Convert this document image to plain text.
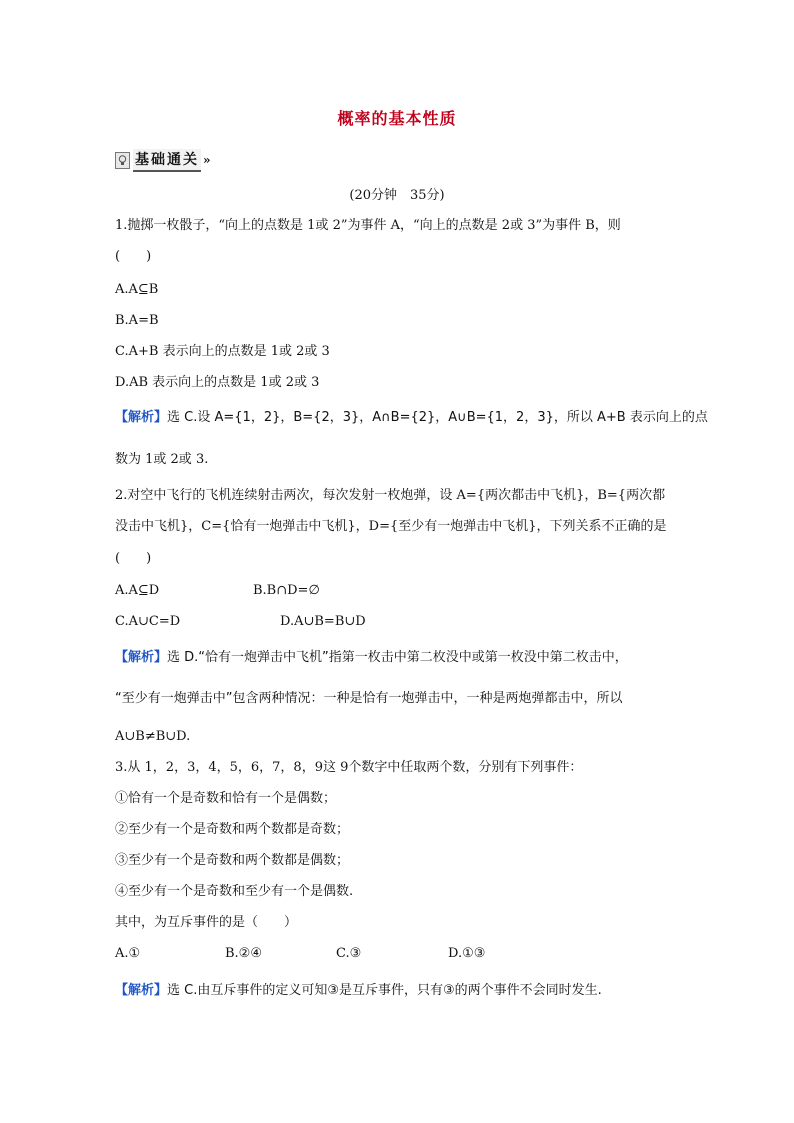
概率的基本性质
基础通关 »
(20分钟　35分)
1.抛掷一枚骰子，“向上的点数是 1或 2”为事件 A，“向上的点数是 2或 3”为事件 B，则
(　　)
A.A⊆B
B.A=B
C.A+B 表示向上的点数是 1或 2或 3
D.AB 表示向上的点数是 1或 2或 3
【解析】选 C.设 A={1，2}，B={2，3}，A∩B={2}，A∪B={1，2，3}，所以 A+B 表示向上的点
数为 1或 2或 3.
2.对空中飞行的飞机连续射击两次，每次发射一枚炮弹，设 A={两次都击中飞机}，B={两次都
没击中飞机}，C={恰有一炮弹击中飞机}，D={至少有一炮弹击中飞机}，下列关系不正确的是
(　　)
A.A⊆D	B.B∩D=∅
C.A∪C=D	D.A∪B=B∪D
【解析】选 D.“恰有一炮弹击中飞机”指第一枚击中第二枚没中或第一枚没中第二枚击中，
“至少有一炮弹击中”包含两种情况：一种是恰有一炮弹击中，一种是两炮弹都击中，所以
A∪B≠B∪D.
3.从 1，2，3，4，5，6，7，8，9这 9个数字中任取两个数，分别有下列事件：
①恰有一个是奇数和恰有一个是偶数；
②至少有一个是奇数和两个数都是奇数；
③至少有一个是奇数和两个数都是偶数；
④至少有一个是奇数和至少有一个是偶数.
其中，为互斥事件的是（　　）
A.①	B.②④	C.③	D.①③
【解析】选 C.由互斥事件的定义可知③是互斥事件，只有③的两个事件不会同时发生.
